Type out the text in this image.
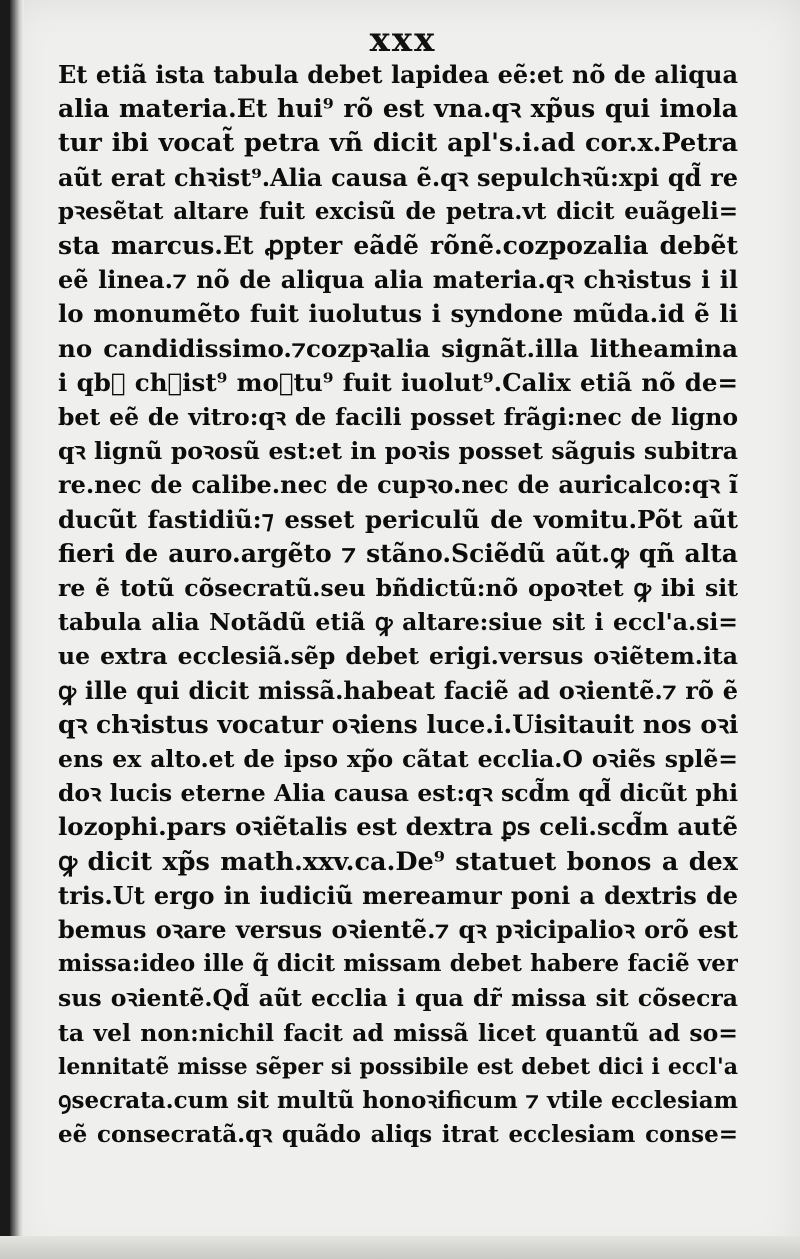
xxx
Et etiã ista tabula debet lapidea eẽ:et nõ de aliqua
alia materia.Et hui⁹ rõ est vna.qꝛ xp̃us qui imola
tur ibi vocat̃ petra vñ dicit apl's.i.ad cor.x.Petra
aũt erat chꝛist⁹.Alia causa ẽ.qꝛ sepulchꝛũ:xpi qd̃ re
pꝛesẽtat altare fuit excisũ de petra.vt dicit euãgeli=
sta marcus.Et ꝓpter eãdẽ rõnẽ.cozpozalia debẽt
eẽ linea.⁊ nõ de aliqua alia materia.qꝛ chꝛistus i il
lo monumẽto fuit iuolutus i syndone mũda.id ẽ li
no candidissimo.⁊cozpꝛalia signãt.illa litheamina
i qb᷑ chꝛist⁹ moꝛtu⁹ fuit iuolut⁹.Calix etiã nõ de=
bet eẽ de vitro:qꝛ de facili posset frãgi:nec de ligno
qꝛ lignũ poꝛosũ est:et in poꝛis posset sãguis subitra
re.nec de calibe.nec de cupꝛo.nec de auricalco:qꝛ ĩ
ducũt fastidiũ:⁊ esset periculũ de vomitu.Põt aũt
fieri de auro.argẽto ⁊ stãno.Sciẽdũ aũt.ꝙ qñ alta
re ẽ totũ cõsecratũ.seu bñdictũ:nõ opoꝛtet ꝙ ibi sit
tabula alia Notãdũ etiã ꝙ altare:siue sit i eccl'a.si=
ue extra ecclesiã.sẽp debet erigi.versus oꝛiẽtem.ita
ꝙ ille qui dicit missã.habeat faciẽ ad oꝛientẽ.⁊ rõ ẽ
qꝛ chꝛistus vocatur oꝛiens luce.i.Uisitauit nos oꝛi
ens ex alto.et de ipso xp̃o cãtat ecclia.O oꝛiẽs splẽ=
doꝛ lucis eterne Alia causa est:qꝛ scd̃m qd̃ dicũt phi
lozophi.pars oꝛiẽtalis est dextra ꝑs celi.scd̃m autẽ
ꝙ dicit xp̃s math.xxv.ca.De⁹ statuet bonos a dex
tris.Ut ergo in iudiciũ mereamur poni a dextris de
bemus oꝛare versus oꝛientẽ.⁊ qꝛ pꝛicipalioꝛ orõ est
missa:ideo ille q̃ dicit missam debet habere faciẽ ver
sus oꝛientẽ.Qd̃ aũt ecclia i qua dr̃ missa sit cõsecra
ta vel non:nichil facit ad missã licet quantũ ad so=
lennitatẽ misse sẽper si possibile est debet dici i eccl'a
ꝯsecrata.cum sit multũ honoꝛificum ⁊ vtile ecclesiam
eẽ consecratã.qꝛ quãdo aliqs itrat ecclesiam conse=
